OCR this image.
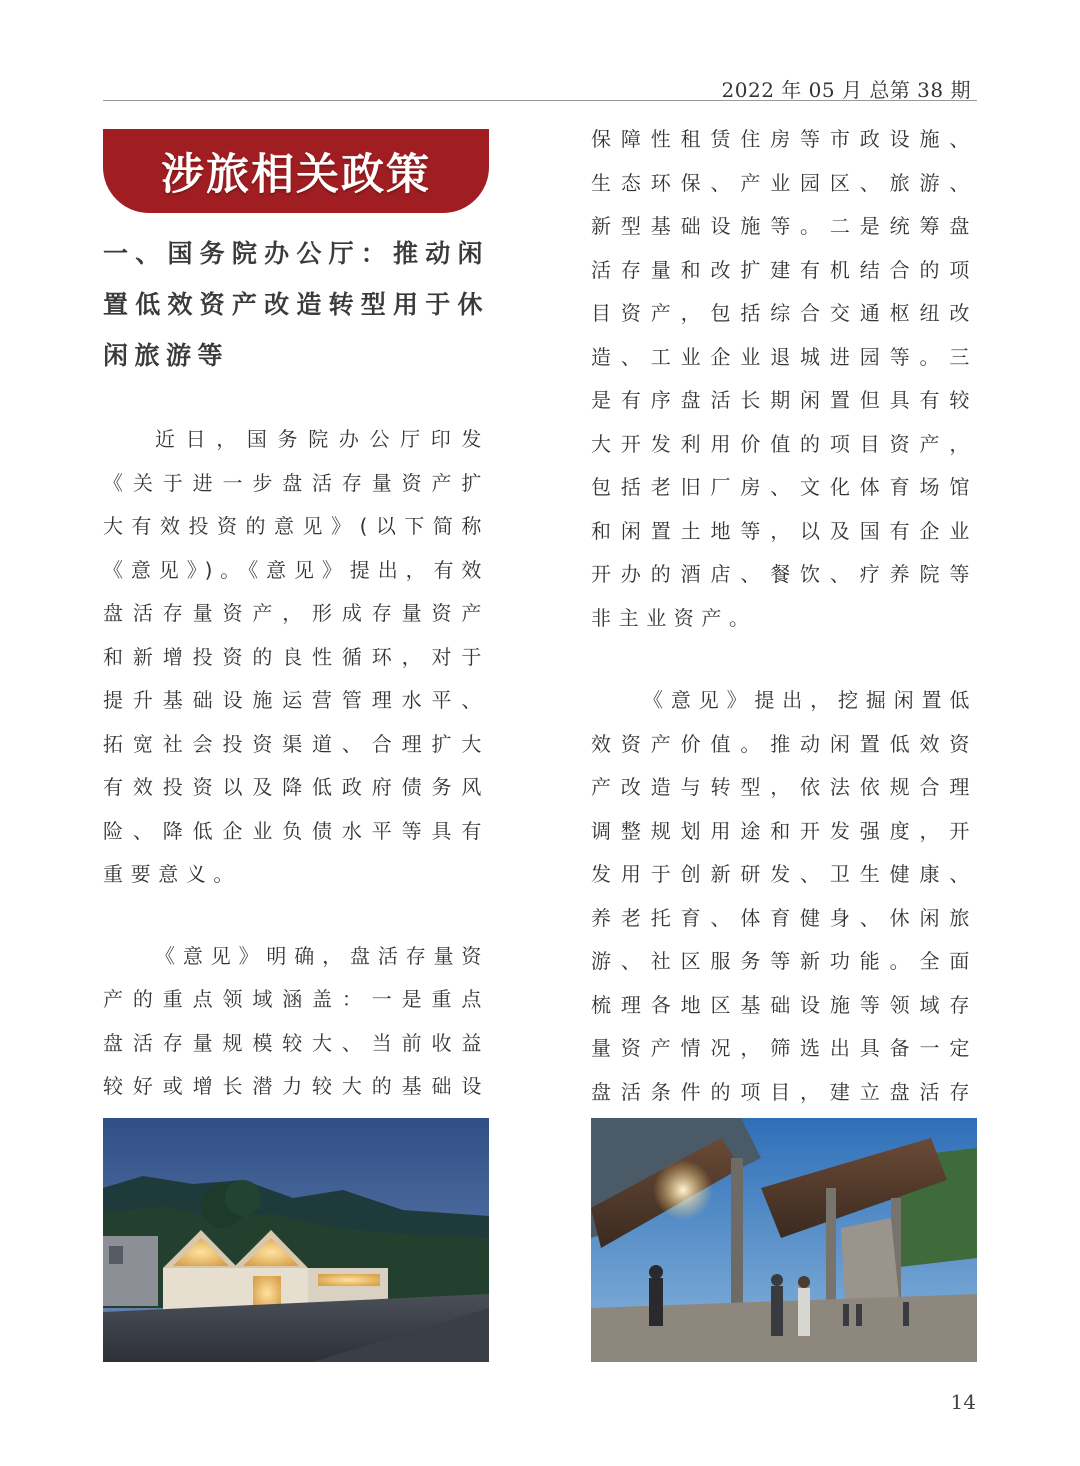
2022 年 05 月 总第 38 期
涉旅相关政策
一、国务院办公厅：推动闲置低效资产改造转型用于休闲旅游等

近日，国务院办公厅印发《关于进一步盘活存量资产扩大有效投资的意见》(以下简称《意见》)。《意见》提出，有效盘活存量资产，形成存量资产和新增投资的良性循环，对于提升基础设施运营管理水平、拓宽社会投资渠道、合理扩大有效投资以及降低政府债务风险、降低企业负债水平等具有重要意义。

《意见》明确，盘活存量资产的重点领域涵盖：一是重点盘活存量规模较大、当前收益较好或增长潜力较大的基础设

保障性租赁住房等市政设施、生态环保、产业园区、旅游、新型基础设施等。二是统筹盘活存量和改扩建有机结合的项目资产，包括综合交通枢纽改造、工业企业退城进园等。三是有序盘活长期闲置但具有较大开发利用价值的项目资产，包括老旧厂房、文化体育场馆和闲置土地等，以及国有企业开办的酒店、餐饮、疗养院等非主业资产。

《意见》提出，挖掘闲置低效资产价值。推动闲置低效资产改造与转型，依法依规合理调整规划用途和开发强度，开发用于创新研发、卫生健康、养老托育、体育健身、休闲旅游、社区服务等新功能。全面梳理各地区基础设施等领域存量资产情况，筛选出具备一定盘活条件的项目，建立盘活存

14
